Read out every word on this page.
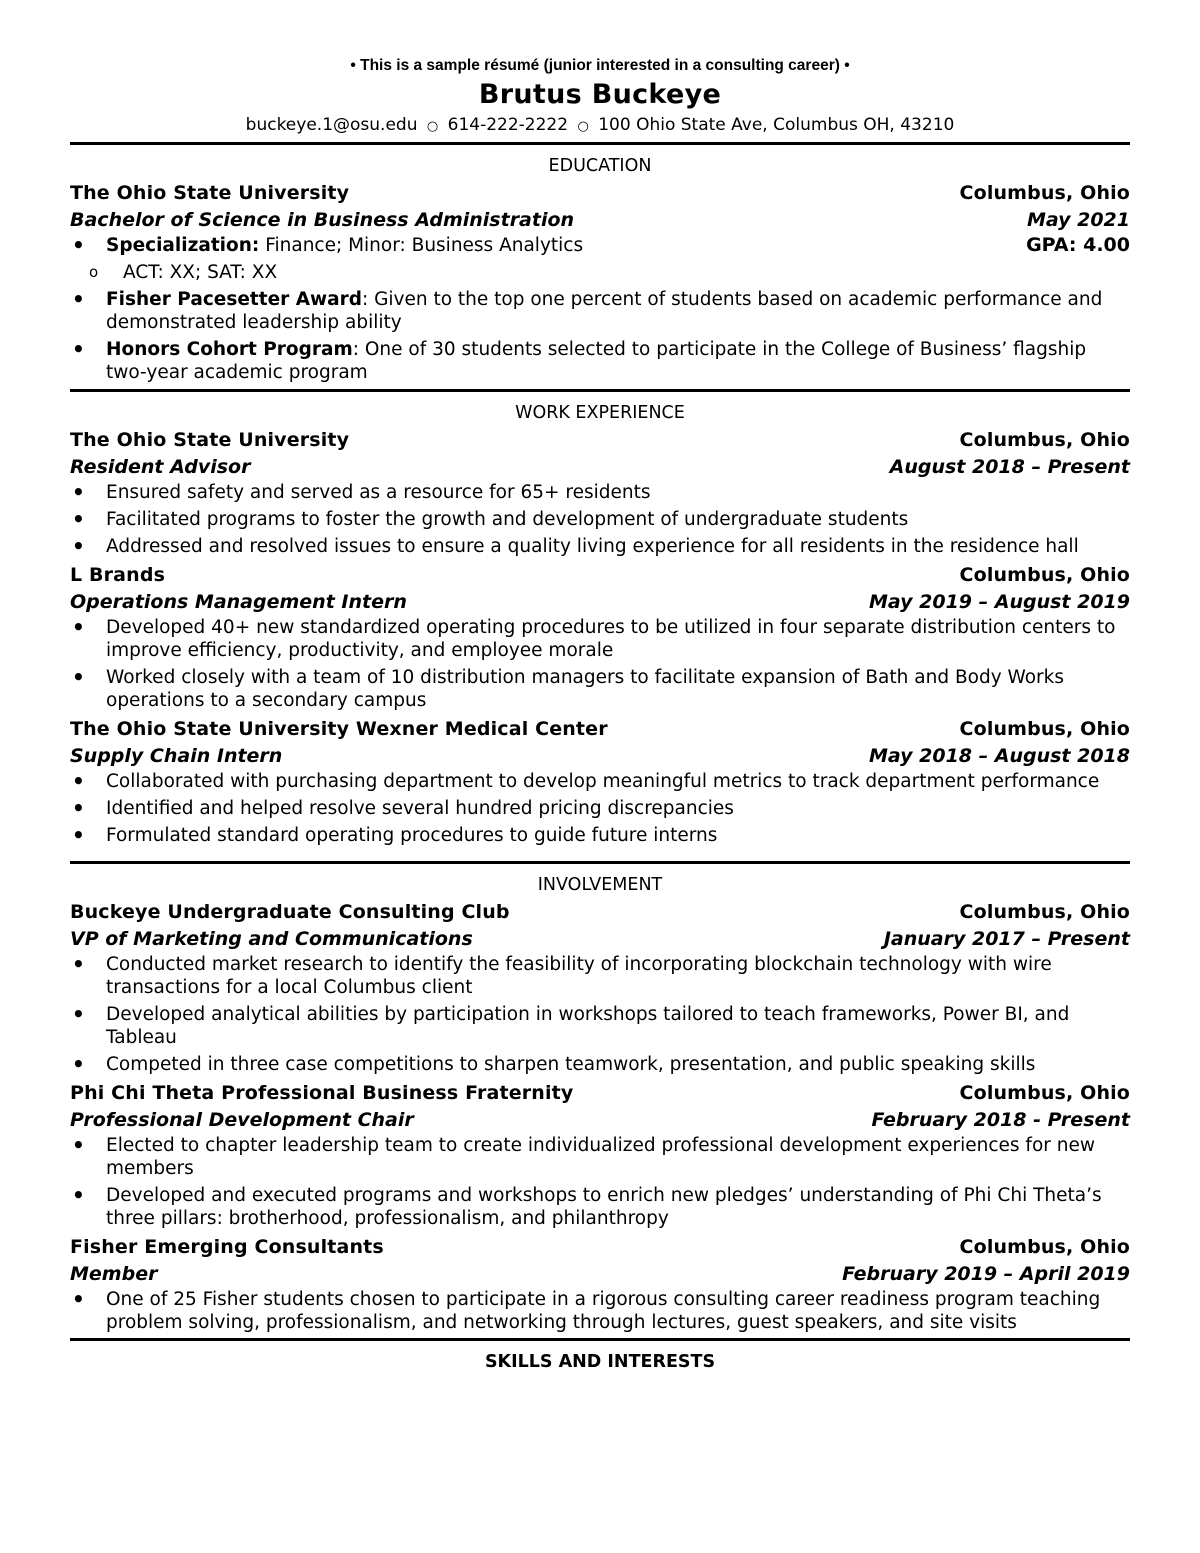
• This is a sample résumé (junior interested in a consulting career) •
Brutus Buckeye
buckeye.1@osu.edu ○ 614-222-2222 ○ 100 Ohio State Ave, Columbus OH, 43210
EDUCATION
The Ohio State University	Columbus, Ohio
Bachelor of Science in Business Administration	May 2021
• Specialization: Finance; Minor: Business Analytics	GPA: 4.00
o ACT: XX; SAT: XX
• Fisher Pacesetter Award: Given to the top one percent of students based on academic performance and demonstrated leadership ability
• Honors Cohort Program: One of 30 students selected to participate in the College of Business’ flagship two-year academic program
WORK EXPERIENCE
The Ohio State University	Columbus, Ohio
Resident Advisor	August 2018 – Present
• Ensured safety and served as a resource for 65+ residents
• Facilitated programs to foster the growth and development of undergraduate students
• Addressed and resolved issues to ensure a quality living experience for all residents in the residence hall
L Brands	Columbus, Ohio
Operations Management Intern	May 2019 – August 2019
• Developed 40+ new standardized operating procedures to be utilized in four separate distribution centers to improve efficiency, productivity, and employee morale
• Worked closely with a team of 10 distribution managers to facilitate expansion of Bath and Body Works operations to a secondary campus
The Ohio State University Wexner Medical Center	Columbus, Ohio
Supply Chain Intern	May 2018 – August 2018
• Collaborated with purchasing department to develop meaningful metrics to track department performance
• Identified and helped resolve several hundred pricing discrepancies
• Formulated standard operating procedures to guide future interns
INVOLVEMENT
Buckeye Undergraduate Consulting Club	Columbus, Ohio
VP of Marketing and Communications	January 2017 – Present
• Conducted market research to identify the feasibility of incorporating blockchain technology with wire transactions for a local Columbus client
• Developed analytical abilities by participation in workshops tailored to teach frameworks, Power BI, and Tableau
• Competed in three case competitions to sharpen teamwork, presentation, and public speaking skills
Phi Chi Theta Professional Business Fraternity	Columbus, Ohio
Professional Development Chair	February 2018 - Present
• Elected to chapter leadership team to create individualized professional development experiences for new members
• Developed and executed programs and workshops to enrich new pledges’ understanding of Phi Chi Theta’s three pillars: brotherhood, professionalism, and philanthropy
Fisher Emerging Consultants	Columbus, Ohio
Member	February 2019 – April 2019
• One of 25 Fisher students chosen to participate in a rigorous consulting career readiness program teaching problem solving, professionalism, and networking through lectures, guest speakers, and site visits
SKILLS AND INTERESTS
